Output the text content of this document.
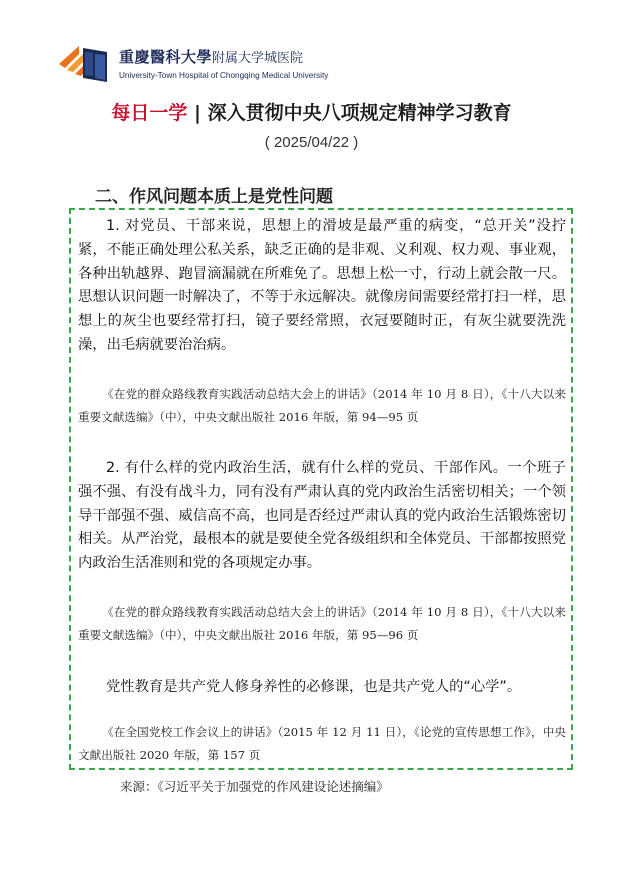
重慶醫科大學附属大学城医院
University-Town Hospital of Chongqing Medical University
每日一学 | 深入贯彻中央八项规定精神学习教育
( 2025/04/22 )
二、作风问题本质上是党性问题
1. 对党员、干部来说，思想上的滑坡是最严重的病变，“总开关”没拧紧，不能正确处理公私关系，缺乏正确的是非观、义利观、权力观、事业观，各种出轨越界、跑冒滴漏就在所难免了。思想上松一寸，行动上就会散一尺。思想认识问题一时解决了，不等于永远解决。就像房间需要经常打扫一样，思想上的灰尘也要经常打扫，镜子要经常照，衣冠要随时正，有灰尘就要洗洗澡，出毛病就要治治病。
《在党的群众路线教育实践活动总结大会上的讲话》（2014 年 10 月 8 日），《十八大以来重要文献选编》（中），中央文献出版社 2016 年版，第 94—95 页
2. 有什么样的党内政治生活，就有什么样的党员、干部作风。一个班子强不强、有没有战斗力，同有没有严肃认真的党内政治生活密切相关；一个领导干部强不强、威信高不高，也同是否经过严肃认真的党内政治生活锻炼密切相关。从严治党，最根本的就是要使全党各级组织和全体党员、干部都按照党内政治生活准则和党的各项规定办事。
《在党的群众路线教育实践活动总结大会上的讲话》（2014 年 10 月 8 日），《十八大以来重要文献选编》（中），中央文献出版社 2016 年版，第 95—96 页
党性教育是共产党人修身养性的必修课，也是共产党人的“心学”。
《在全国党校工作会议上的讲话》（2015 年 12 月 11 日），《论党的宣传思想工作》，中央文献出版社 2020 年版，第 157 页
来源：《习近平关于加强党的作风建设论述摘编》
